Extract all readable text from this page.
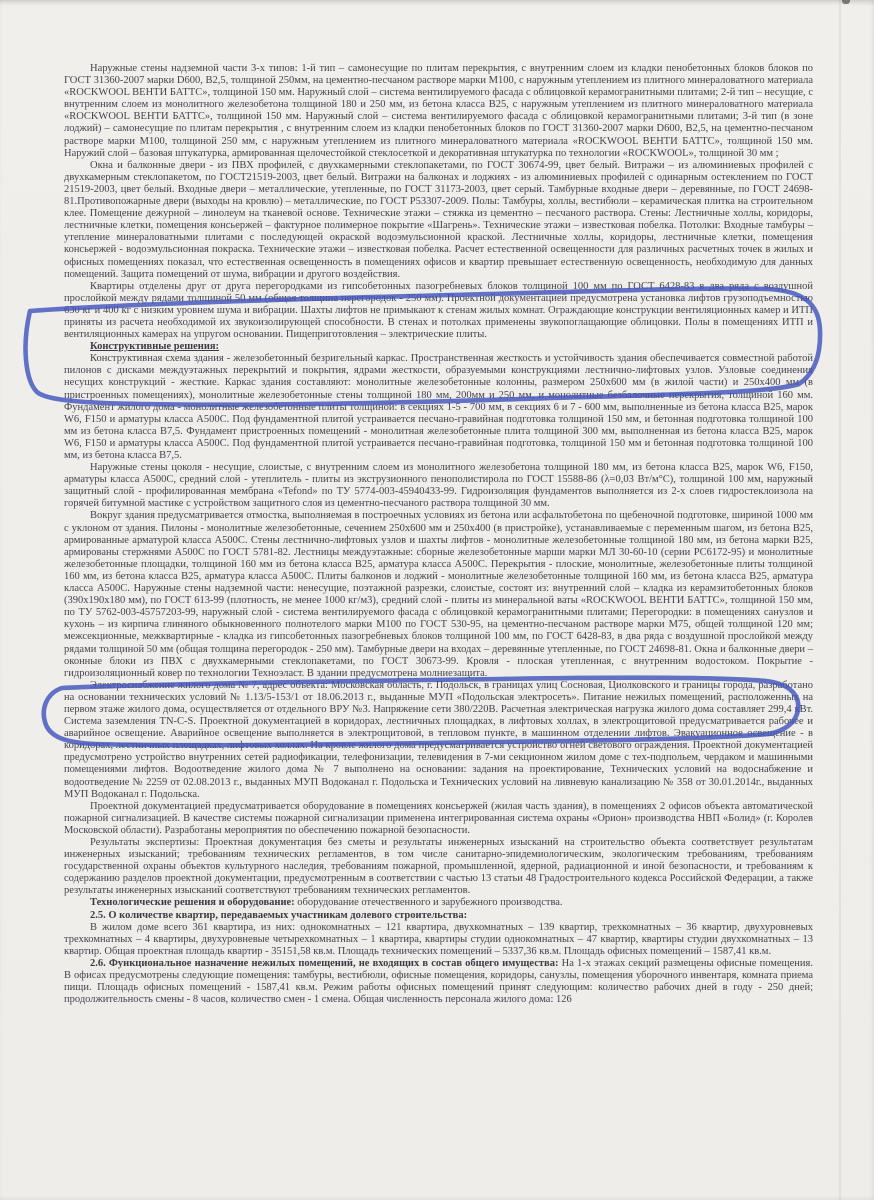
Наружные стены надземной части 3-х типов: 1-й тип – самонесущие по плитам перекрытия, с внутренним слоем из кладки пенобетонных блоков блоков по ГОСТ 31360-2007 марки D600, В2,5, толщиной 250мм, на цементно-песчаном растворе марки М100, с наружным утеплением из плитного минераловатного материала «ROCKWOOL ВЕНТИ БАТТС», толщиной 150 мм. Наружный слой – система вентилируемого фасада с облицовкой керамогранитными плитами; 2-й тип – несущие, с внутренним слоем из монолитного железобетона толщиной 180 и 250 мм, из бетона класса В25, с наружным утеплением из плитного минераловатного материала «ROCKWOOL ВЕНТИ БАТТС», толщиной 150 мм. Наружный слой – система вентилируемого фасада с облицовкой керамогранитными плитами; 3-й тип (в зоне лоджий) – самонесущие по плитам перекрытия , с внутренним слоем из кладки пенобетонных блоков по ГОСТ 31360-2007 марки D600, В2,5, на цементно-песчаном растворе марки М100, толщиной 250 мм, с наружным утеплением из плитного минераловатного материала «ROCKWOOL ВЕНТИ БАТТС», толщиной 150 мм. Наружий слой – базовая штукатурка, армированная щелочестойкой стеклосеткой и декоративная штукатурка по технологии «ROCKWOOL», толщиной 30 мм ;

Окна и балконные двери - из ПВХ профилей, с двухкамерными стеклопакетами, по ГОСТ 30674-99, цвет белый. Витражи – из алюминиевых профилей с двухкамерным стеклопакетом, по ГОСТ21519-2003, цвет белый. Витражи на балконах и лоджиях - из алюминиевых профилей с одинарным остеклением по ГОСТ 21519-2003, цвет белый. Входные двери – металлические, утепленные, по ГОСТ 31173-2003, цвет серый. Тамбурные входные двери – деревянные, по ГОСТ 24698-81.Противопожарные двери (выходы на кровлю) – металлические, по ГОСТ Р53307-2009. Полы: Тамбуры, холлы, вестибюли – керамическая плитка на строительном клее. Помещение дежурной – линолеум на тканевой основе. Технические этажи – стяжка из цементно – песчаного раствора. Стены: Лестничные холлы, коридоры, лестничные клетки, помещения консьержей – фактурное полимерное покрытие «Шагрень». Технические этажи – известковая побелка. Потолки: Входные тамбуры – утепление минераловатными плитами с последующей окраской водоэмульсионной краской. Лестничные холлы, коридоры, лестничные клетки, помещения консьержей - водоэмульсионная покраска. Технические этажи – известковая побелка. Расчет естественной освещенности для различных расчетных точек в жилых и офисных помещениях показал, что естественная освещенность в помещениях офисов и квартир превышает естественную освещенность, необходимую для данных помещений. Защита помещений от шума, вибрации и другого воздействия.

Квартиры отделены друг от друга перегородками из гипсобетонных пазогребневых блоков толщиной 100 мм по ГОСТ 6428-83 в два ряда с воздушной прослойкой между рядами толщиной 50 мм (общая толщина перегородок - 250 мм). Проектной документацией предусмотрена установка лифтов грузоподъемностью 630 кг и 400 кг с низким уровнем шума и вибрации. Шахты лифтов не примыкают к стенам жилых комнат. Ограждающие конструкции вентиляционных камер и ИТП приняты из расчета необходимой их звукоизолирующей способности. В стенах и потолках применены звукопоглащающие облицовки. Полы в помещениях ИТП и вентиляционных камерах на упругом основании. Пищеприготовления – электрические плиты.

Конструктивные решения:

Конструктивная схема здания - железобетонный безригельный каркас. Пространственная жесткость и устойчивость здания обеспечивается совместной работой пилонов с дисками междуэтажных перекрытий и покрытия, ядрами жесткости, образуемыми конструкциями лестнично-лифтовых узлов. Узловые соединения несущих конструкций - жесткие. Каркас здания составляют: монолитные железобетонные колонны, размером 250х600 мм (в жилой части) и 250х400 мм (в пристроенных помещениях), монолитные железобетонные стены толщиной 180 мм, 200мм и 250 мм, и монолитные безбалочные перекрытия, толщиной 160 мм. Фундамент жилого дома - монолитные железобетонные плиты толщиной: в секциях 1-5 - 700 мм, в секциях 6 и 7 - 600 мм, выполненные из бетона класса В25, марок W6, F150 и арматуры класса А500С. Под фундаментной плитой устраивается песчано-гравийная подготовка толщиной 150 мм, и бетонная подготовка толщиной 100 мм из бетона класса В7,5. Фундамент пристроенных помещений - монолитная железобетонные плита толщиной 300 мм, выполненная из бетона класса В25, марок W6, F150 и арматуры класса А500С. Под фундаментной плитой устраивается песчано-гравийная подготовка, толщиной 150 мм и бетонная подготовка толщиной 100 мм, из бетона класса В7,5.

Наружные стены цоколя - несущие, слоистые, с внутренним слоем из монолитного железобетона толщиной 180 мм, из бетона класса В25, марок W6, F150, арматуры класса А500С, средний слой - утеплитель - плиты из экструзионного пенополистирола по ГОСТ 15588-86 (λ=0,03 Вт/м°С), толщиной 100 мм, наружный защитный слой - профилированная мембрана «Tefond» по ТУ 5774-003-45940433-99. Гидроизоляция фундаментов выполняется из 2-х слоев гидростеклоизола на горячей битумной мастике с устройством защитного слоя из цементно-песчаного раствора толщиной 30 мм.

Вокруг здания предусматривается отмостка, выполняемая в построечных условиях из бетона или асфальтобетона по щебеночной подготовке, шириной 1000 мм с уклоном от здания. Пилоны - монолитные железобетонные, сечением 250х600 мм и 250х400 (в пристройке), устанавливаемые с переменным шагом, из бетона В25, армированные арматурой класса А500С. Стены лестнично-лифтовых узлов и шахты лифтов - монолитные железобетонные толщиной 180 мм, из бетона марки В25, армированы стержнями А500С по ГОСТ 5781-82. Лестницы междуэтажные: сборные железобетонные марши марки МЛ 30-60-10 (серии РС6172-95) и монолитные железобетонные площадки, толщиной 160 мм из бетона класса В25, арматура класса А500С. Перекрытия - плоские, монолитные, железобетонные плиты толщиной 160 мм, из бетона класса В25, арматура класса А500С. Плиты балконов и лоджий - монолитные железобетонные толщиной 160 мм, из бетона класса В25, арматура класса А500С. Наружные стены надземной части: ненесущие, поэтажной разрезки, слоистые, состоят из: внутренний слой – кладка из керамзитобетонных блоков (390х190х180 мм), по ГОСТ 613-99 (плотность, не менее 1000 кг/м3), средний слой - плиты из минеральной ваты «ROCKWOOL ВЕНТИ БАТТС», толщиной 150 мм, по ТУ 5762-003-45757203-99, наружный слой - система вентилируемого фасада с облицовкой керамогранитными плитами; Перегородки: в помещениях санузлов и кухонь – из кирпича глиняного обыкновенного полнотелого марки М100 по ГОСТ 530-95, на цементно-песчаном растворе марки М75, общей толщиной 120 мм; межсекционные, межквартирные - кладка из гипсобетонных пазогребневых блоков толщиной 100 мм, по ГОСТ 6428-83, в два ряда с воздушной прослойкой между рядами толщиной 50 мм (общая толщина перегородок - 250 мм). Тамбурные двери на входах – деревянные утепленные, по ГОСТ 24698-81. Окна и балконные двери – оконные блоки из ПВХ с двухкамерными стеклопакетами, по ГОСТ 30673-99. Кровля - плоская утепленная, с внутренним водостоком. Покрытие - гидроизоляционный ковер по технологии Техноэласт. В здании предусмотрена молниезащита.

Электроснабжение жилого дома № 7, адрес объекта: Московская область, г. Подольск, в границах улиц Сосновая, Циолковского и границы города, разработано на основании технических условий № 1.13/5-153/1 от 18.06.2013 г., выданные МУП «Подольская электросеть». Питание нежилых помещений, расположенных на первом этаже жилого дома, осуществляется от отдельного ВРУ №3. Напряжение сети 380/220В. Расчетная электрическая нагрузка жилого дома составляет 299,4 кВт. Система заземления TN-C-S. Проектной документацией в коридорах, лестничных площадках, в лифтовых холлах, в электрощитовой предусматривается рабочее и аварийное освещение. Аварийное освещение выполняется в электрощитовой, в тепловом пункте, в машинном отделении лифтов. Эвакуационное освещение - в коридорах, лестничных площадках, лифтовых холлах. На кровле жилого дома предусматривается устройство огней светового ограждения. Проектной документацией предусмотрено устройство внутренних сетей радиофикации, телефонизации, телевидения в 7-ми секционном жилом доме с тех-подпольем, чердаком и машинными помещениями лифтов. Водоотведение жилого дома № 7 выполнено на основании: задания на проектирование, Технических условий на водоснабжение и водоотведение № 2259 от 02.08.2013 г., выданных МУП Водоканал г. Подольска и Технических условий на ливневую канализацию № 358 от 30.01.2014г., выданных МУП Водоканал г. Подольска.

Проектной документацией предусматривается оборудование в помещениях консьержей (жилая часть здания), в помещениях 2 офисов объекта автоматической пожарной сигнализацией. В качестве системы пожарной сигнализации применена интегрированная система охраны «Орион» производства НВП «Болид» (г. Королев Московской области). Разработаны мероприятия по обеспечению пожарной безопасности.

Результаты экспертизы: Проектная документация без сметы и результаты инженерных изысканий на строительство объекта соответствует результатам инженерных изысканий; требованиям технических регламентов, в том числе санитарно-эпидемиологическим, экологическим требованиям, требованиям государственной охраны объектов культурного наследия, требованиям пожарной, промышленной, ядерной, радиационной и иной безопасности, и требованиям к содержанию разделов проектной документации, предусмотренным в соответствии с частью 13 статьи 48 Градостроительного кодекса Российской Федерации, а также результаты инженерных изысканий соответствуют требованиям технических регламентов.

Технологические решения и оборудование: оборудование отечественного и зарубежного производства.

2.5. О количестве квартир, передаваемых участникам долевого строительства:

В жилом доме всего 361 квартира, из них: однокомнатных – 121 квартира, двухкомнатных – 139 квартир, трехкомнатных – 36 квартир, двухуровневых трехкомнатных – 4 квартиры, двухуровневые четырехкомнатных – 1 квартира, квартиры студии однокомнатных – 47 квартир, квартиры студии двухкомнатных – 13 квартир. Общая проектная площадь квартир - 35151,58 кв.м. Площадь технических помещений – 5337,36 кв.м. Площадь офисных помещений – 1587,41 кв.м.

2.6. Функциональное назначение нежилых помещений, не входящих в состав общего имущества: На 1-х этажах секций размещены офисные помещения. В офисах предусмотрены следующие помещения: тамбуры, вестибюли, офисные помещения, коридоры, санузлы, помещения уборочного инвентаря, комната приема пищи. Площадь офисных помещений - 1587,41 кв.м. Режим работы офисных помещений принят следующим: количество рабочих дней в году - 250 дней; продолжительность смены - 8 часов, количество смен - 1 смена. Общая численность персонала жилого дома: 126
